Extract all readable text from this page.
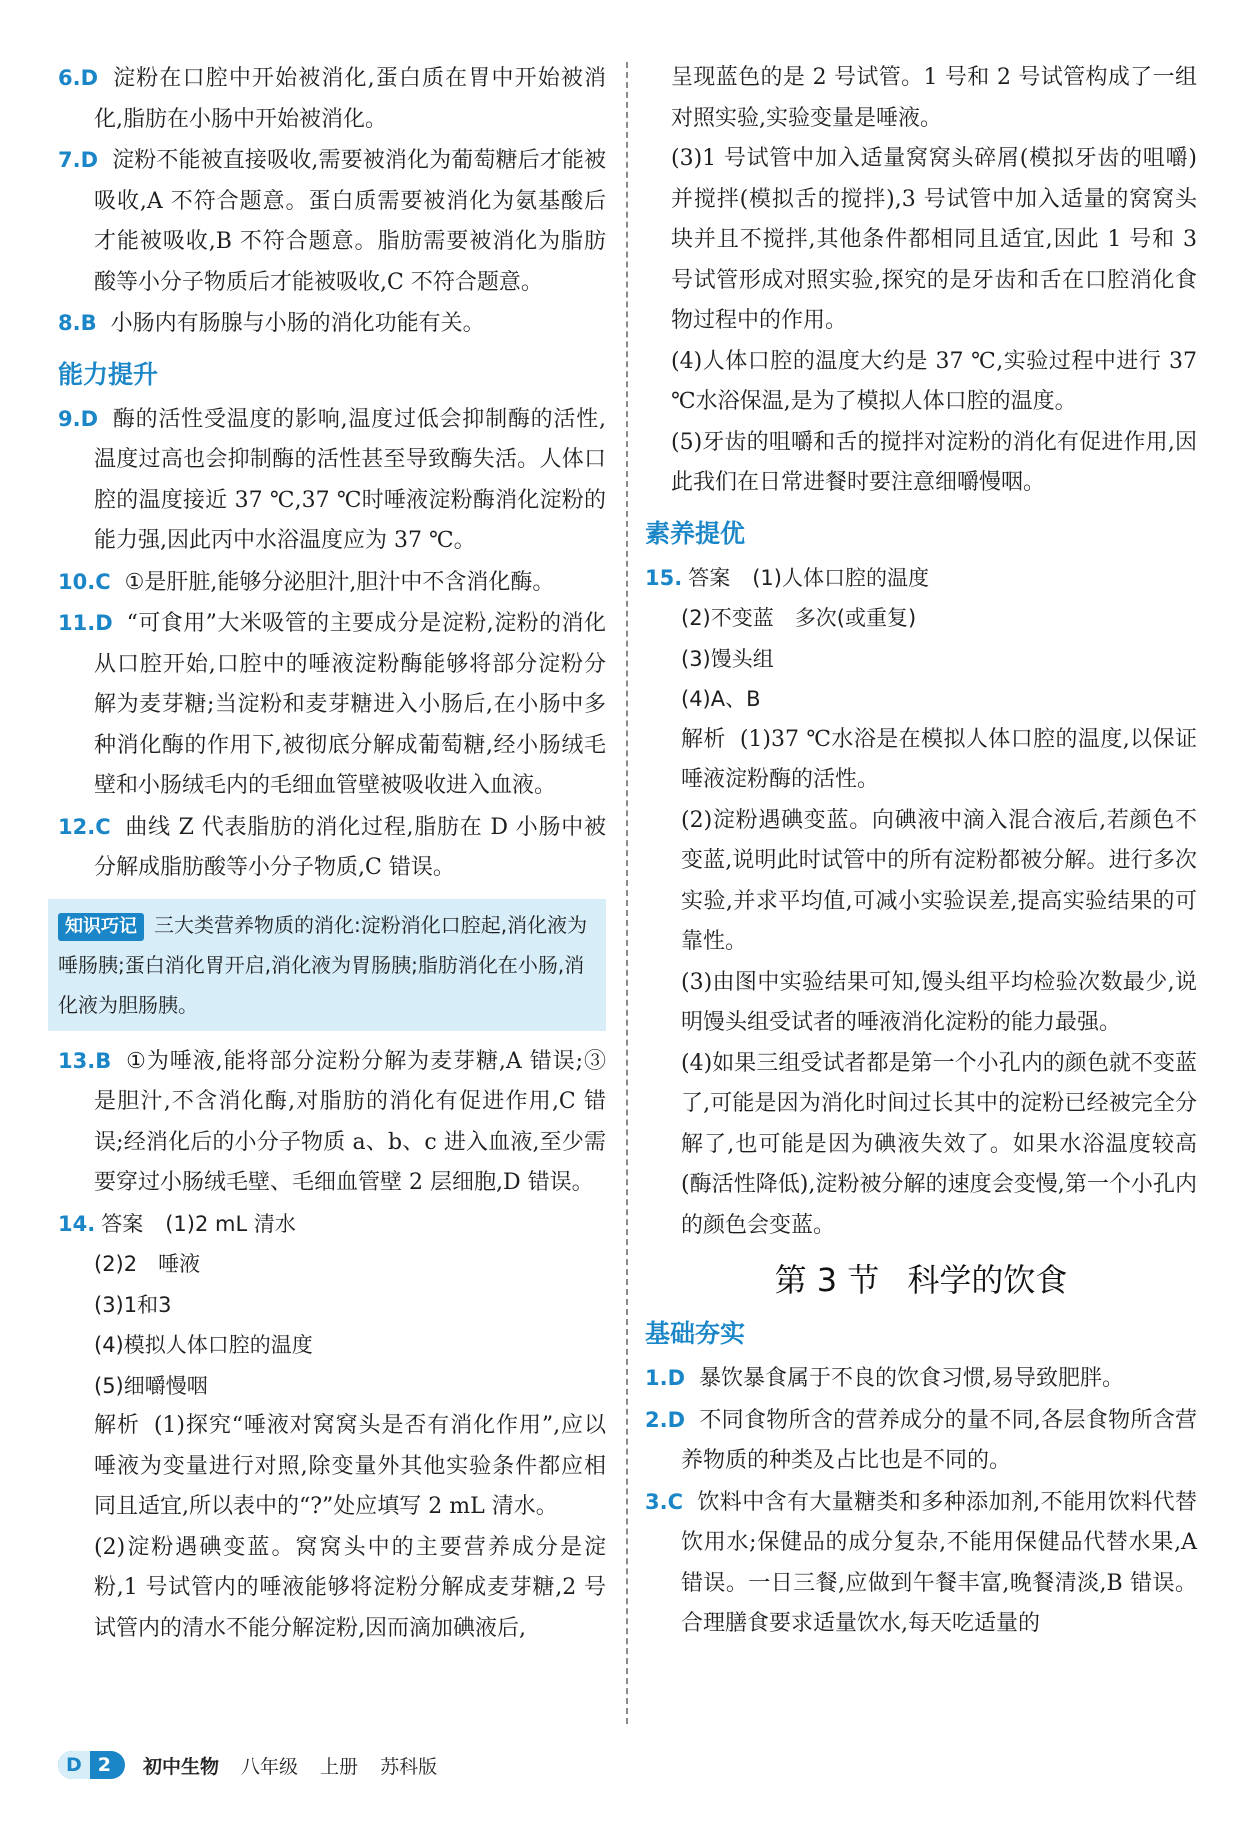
6.D 淀粉在口腔中开始被消化,蛋白质在胃中开始被消化,脂肪在小肠中开始被消化。

7.D 淀粉不能被直接吸收,需要被消化为葡萄糖后才能被吸收,A 不符合题意。蛋白质需要被消化为氨基酸后才能被吸收,B 不符合题意。脂肪需要被消化为脂肪酸等小分子物质后才能被吸收,C 不符合题意。

8.B 小肠内有肠腺与小肠的消化功能有关。

能力提升

9.D 酶的活性受温度的影响,温度过低会抑制酶的活性,温度过高也会抑制酶的活性甚至导致酶失活。人体口腔的温度接近 37 ℃,37 ℃时唾液淀粉酶消化淀粉的能力强,因此丙中水浴温度应为 37 ℃。

10.C ①是肝脏,能够分泌胆汁,胆汁中不含消化酶。

11.D “可食用”大米吸管的主要成分是淀粉,淀粉的消化从口腔开始,口腔中的唾液淀粉酶能够将部分淀粉分解为麦芽糖;当淀粉和麦芽糖进入小肠后,在小肠中多种消化酶的作用下,被彻底分解成葡萄糖,经小肠绒毛壁和小肠绒毛内的毛细血管壁被吸收进入血液。

12.C 曲线 Z 代表脂肪的消化过程,脂肪在 D 小肠中被分解成脂肪酸等小分子物质,C 错误。

知识巧记 三大类营养物质的消化:淀粉消化口腔起,消化液为唾肠胰;蛋白消化胃开启,消化液为胃肠胰;脂肪消化在小肠,消化液为胆肠胰。

13.B ①为唾液,能将部分淀粉分解为麦芽糖,A 错误;③是胆汁,不含消化酶,对脂肪的消化有促进作用,C 错误;经消化后的小分子物质 a、b、c 进入血液,至少需要穿过小肠绒毛壁、毛细血管壁 2 层细胞,D 错误。

14. 答案 (1)2 mL 清水

(2)2　唾液

(3)1和3

(4)模拟人体口腔的温度

(5)细嚼慢咽

解析 (1)探究“唾液对窝窝头是否有消化作用”,应以唾液为变量进行对照,除变量外其他实验条件都应相同且适宜,所以表中的“?”处应填写 2 mL 清水。

(2)淀粉遇碘变蓝。窝窝头中的主要营养成分是淀粉,1 号试管内的唾液能够将淀粉分解成麦芽糖,2 号试管内的清水不能分解淀粉,因而滴加碘液后,

呈现蓝色的是 2 号试管。1 号和 2 号试管构成了一组对照实验,实验变量是唾液。

(3)1 号试管中加入适量窝窝头碎屑(模拟牙齿的咀嚼)并搅拌(模拟舌的搅拌),3 号试管中加入适量的窝窝头块并且不搅拌,其他条件都相同且适宜,因此 1 号和 3 号试管形成对照实验,探究的是牙齿和舌在口腔消化食物过程中的作用。

(4)人体口腔的温度大约是 37 ℃,实验过程中进行 37 ℃水浴保温,是为了模拟人体口腔的温度。

(5)牙齿的咀嚼和舌的搅拌对淀粉的消化有促进作用,因此我们在日常进餐时要注意细嚼慢咽。

素养提优

15. 答案 (1)人体口腔的温度

(2)不变蓝　多次(或重复)

(3)馒头组

(4)A、B

解析 (1)37 ℃水浴是在模拟人体口腔的温度,以保证唾液淀粉酶的活性。

(2)淀粉遇碘变蓝。向碘液中滴入混合液后,若颜色不变蓝,说明此时试管中的所有淀粉都被分解。进行多次实验,并求平均值,可减小实验误差,提高实验结果的可靠性。

(3)由图中实验结果可知,馒头组平均检验次数最少,说明馒头组受试者的唾液消化淀粉的能力最强。

(4)如果三组受试者都是第一个小孔内的颜色就不变蓝了,可能是因为消化时间过长其中的淀粉已经被完全分解了,也可能是因为碘液失效了。如果水浴温度较高(酶活性降低),淀粉被分解的速度会变慢,第一个小孔内的颜色会变蓝。

第 3 节 科学的饮食
基础夯实

1.D 暴饮暴食属于不良的饮食习惯,易导致肥胖。

2.D 不同食物所含的营养成分的量不同,各层食物所含营养物质的种类及占比也是不同的。

3.C 饮料中含有大量糖类和多种添加剂,不能用饮料代替饮用水;保健品的成分复杂,不能用保健品代替水果,A 错误。一日三餐,应做到午餐丰富,晚餐清淡,B 错误。合理膳食要求适量饮水,每天吃适量的

D 2	初中生物 八年级 上册 苏科版
